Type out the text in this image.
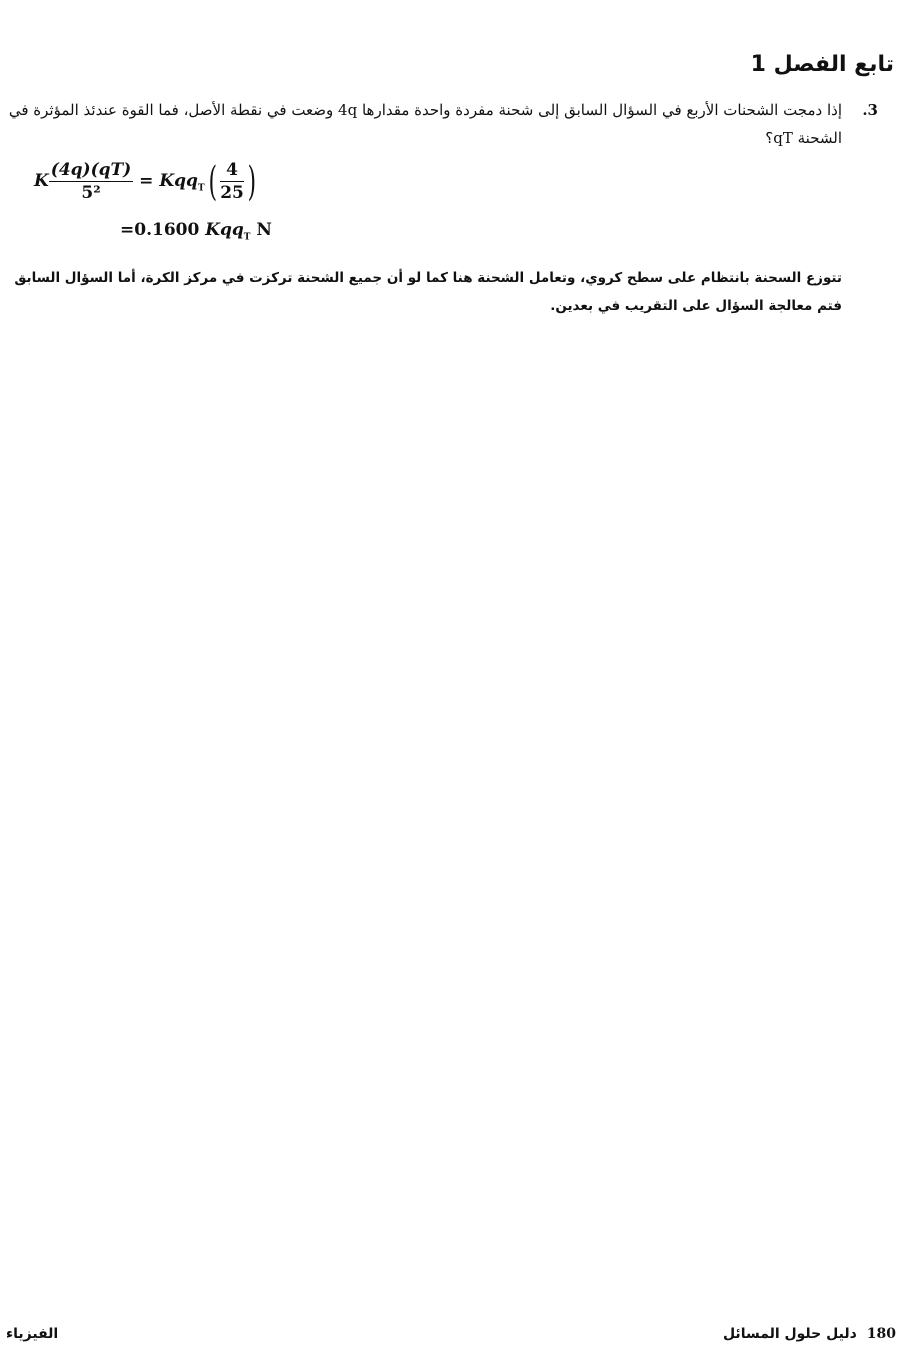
تابع الفصل 1
.3
إذا دمجت الشحنات الأربع في السؤال السابق إلى شحنة مفردة واحدة مقدارها 4q وضعت في نقطة الأصل، فما القوة عندئذ المؤثرة في الشحنة qT؟
K $\frac{(4q)(qT)}{\text{5²}} = Kqq_T( \frac{4}{25}$ )
=0.1600 Kqq$_T$ N
تتوزع السحنة بانتظام على سطح كروي، وتعامل الشحنة هنا كما لو أن جميع الشحنة تركزت في مركز الكرة، أما السؤال السابق فتم معالجة السؤال على التقريب في بعدين.
الفيزياء	180دليل حلول المسائل
